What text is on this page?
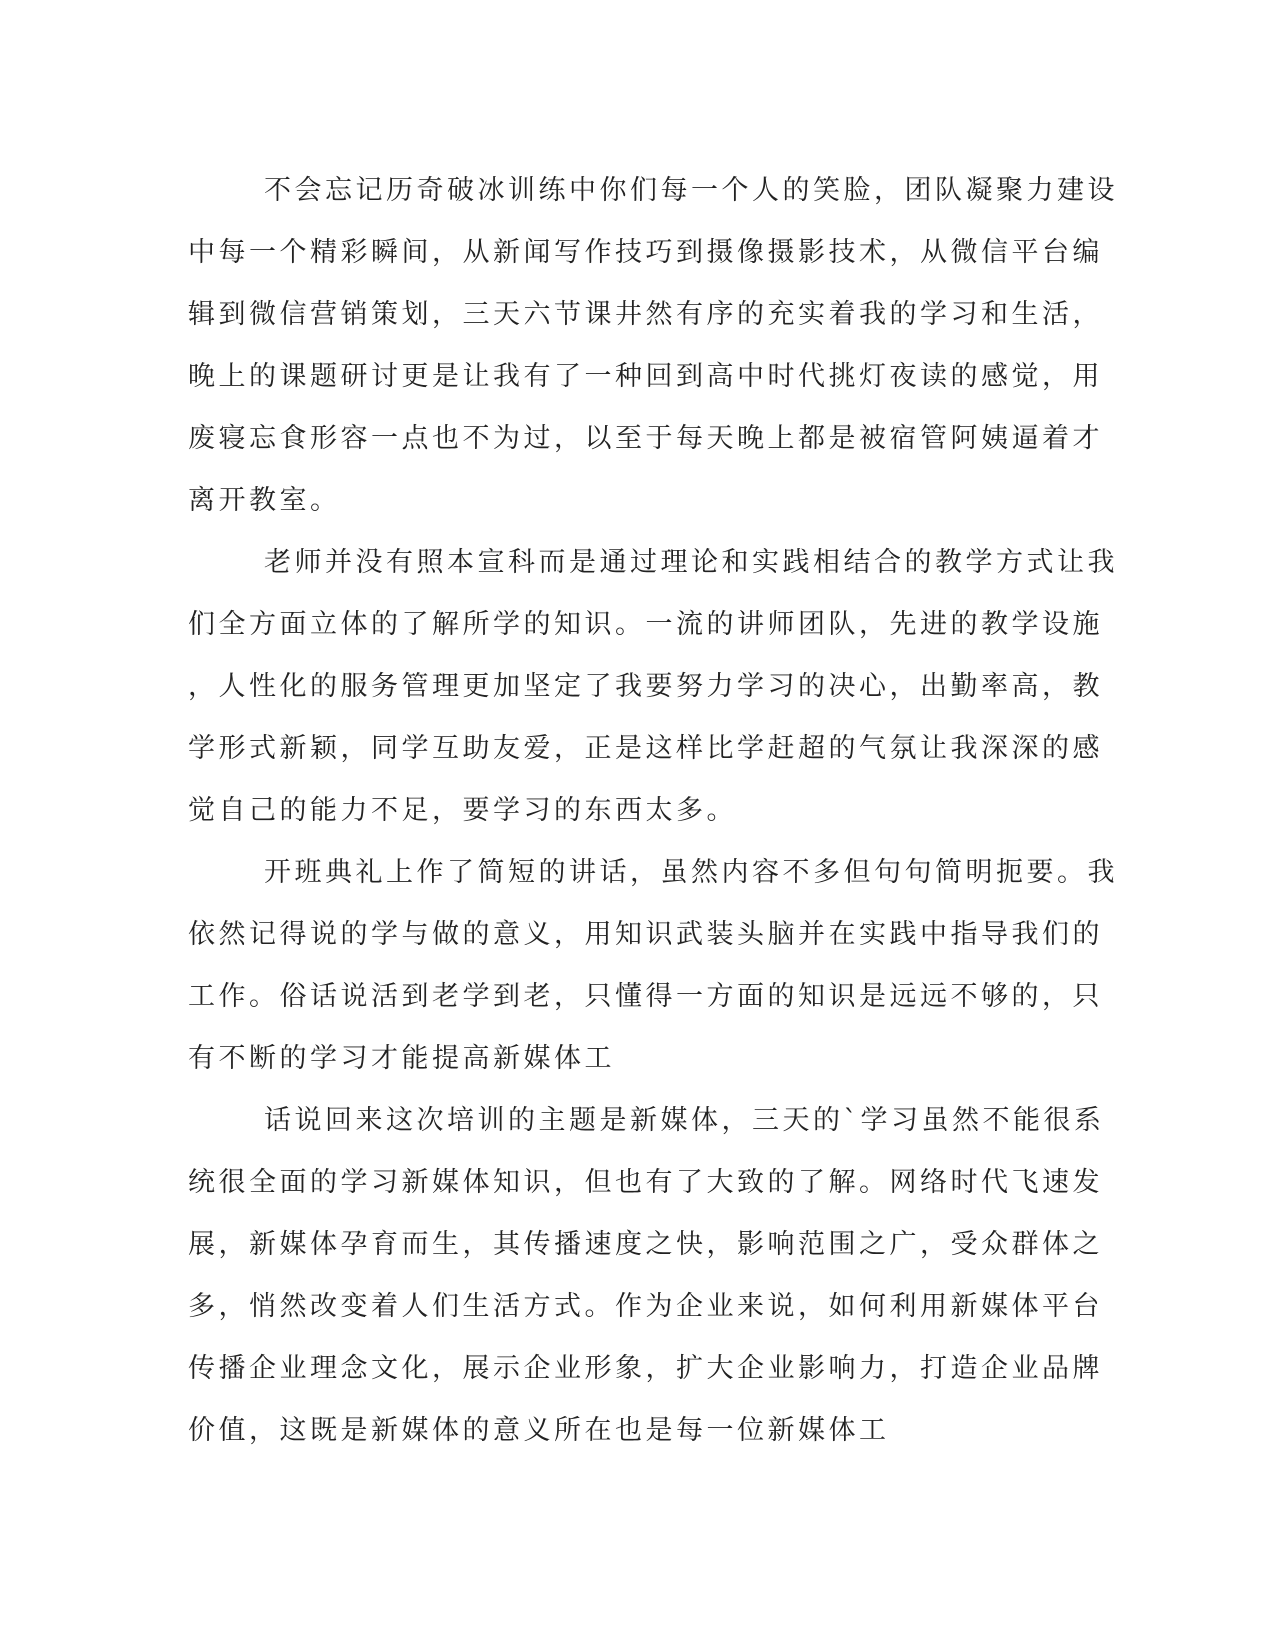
不会忘记历奇破冰训练中你们每一个人的笑脸，团队凝聚力建设
中每一个精彩瞬间，从新闻写作技巧到摄像摄影技术，从微信平台编
辑到微信营销策划，三天六节课井然有序的充实着我的学习和生活，
晚上的课题研讨更是让我有了一种回到高中时代挑灯夜读的感觉，用
废寝忘食形容一点也不为过，以至于每天晚上都是被宿管阿姨逼着才
离开教室。
老师并没有照本宣科而是通过理论和实践相结合的教学方式让我
们全方面立体的了解所学的知识。一流的讲师团队，先进的教学设施
，人性化的服务管理更加坚定了我要努力学习的决心，出勤率高，教
学形式新颖，同学互助友爱，正是这样比学赶超的气氛让我深深的感
觉自己的能力不足，要学习的东西太多。
开班典礼上作了简短的讲话，虽然内容不多但句句简明扼要。我
依然记得说的学与做的意义，用知识武装头脑并在实践中指导我们的
工作。俗话说活到老学到老，只懂得一方面的知识是远远不够的，只
有不断的学习才能提高新媒体工
话说回来这次培训的主题是新媒体，三天的`学习虽然不能很系
统很全面的学习新媒体知识，但也有了大致的了解。网络时代飞速发
展，新媒体孕育而生，其传播速度之快，影响范围之广，受众群体之
多，悄然改变着人们生活方式。作为企业来说，如何利用新媒体平台
传播企业理念文化，展示企业形象，扩大企业影响力，打造企业品牌
价值，这既是新媒体的意义所在也是每一位新媒体工
